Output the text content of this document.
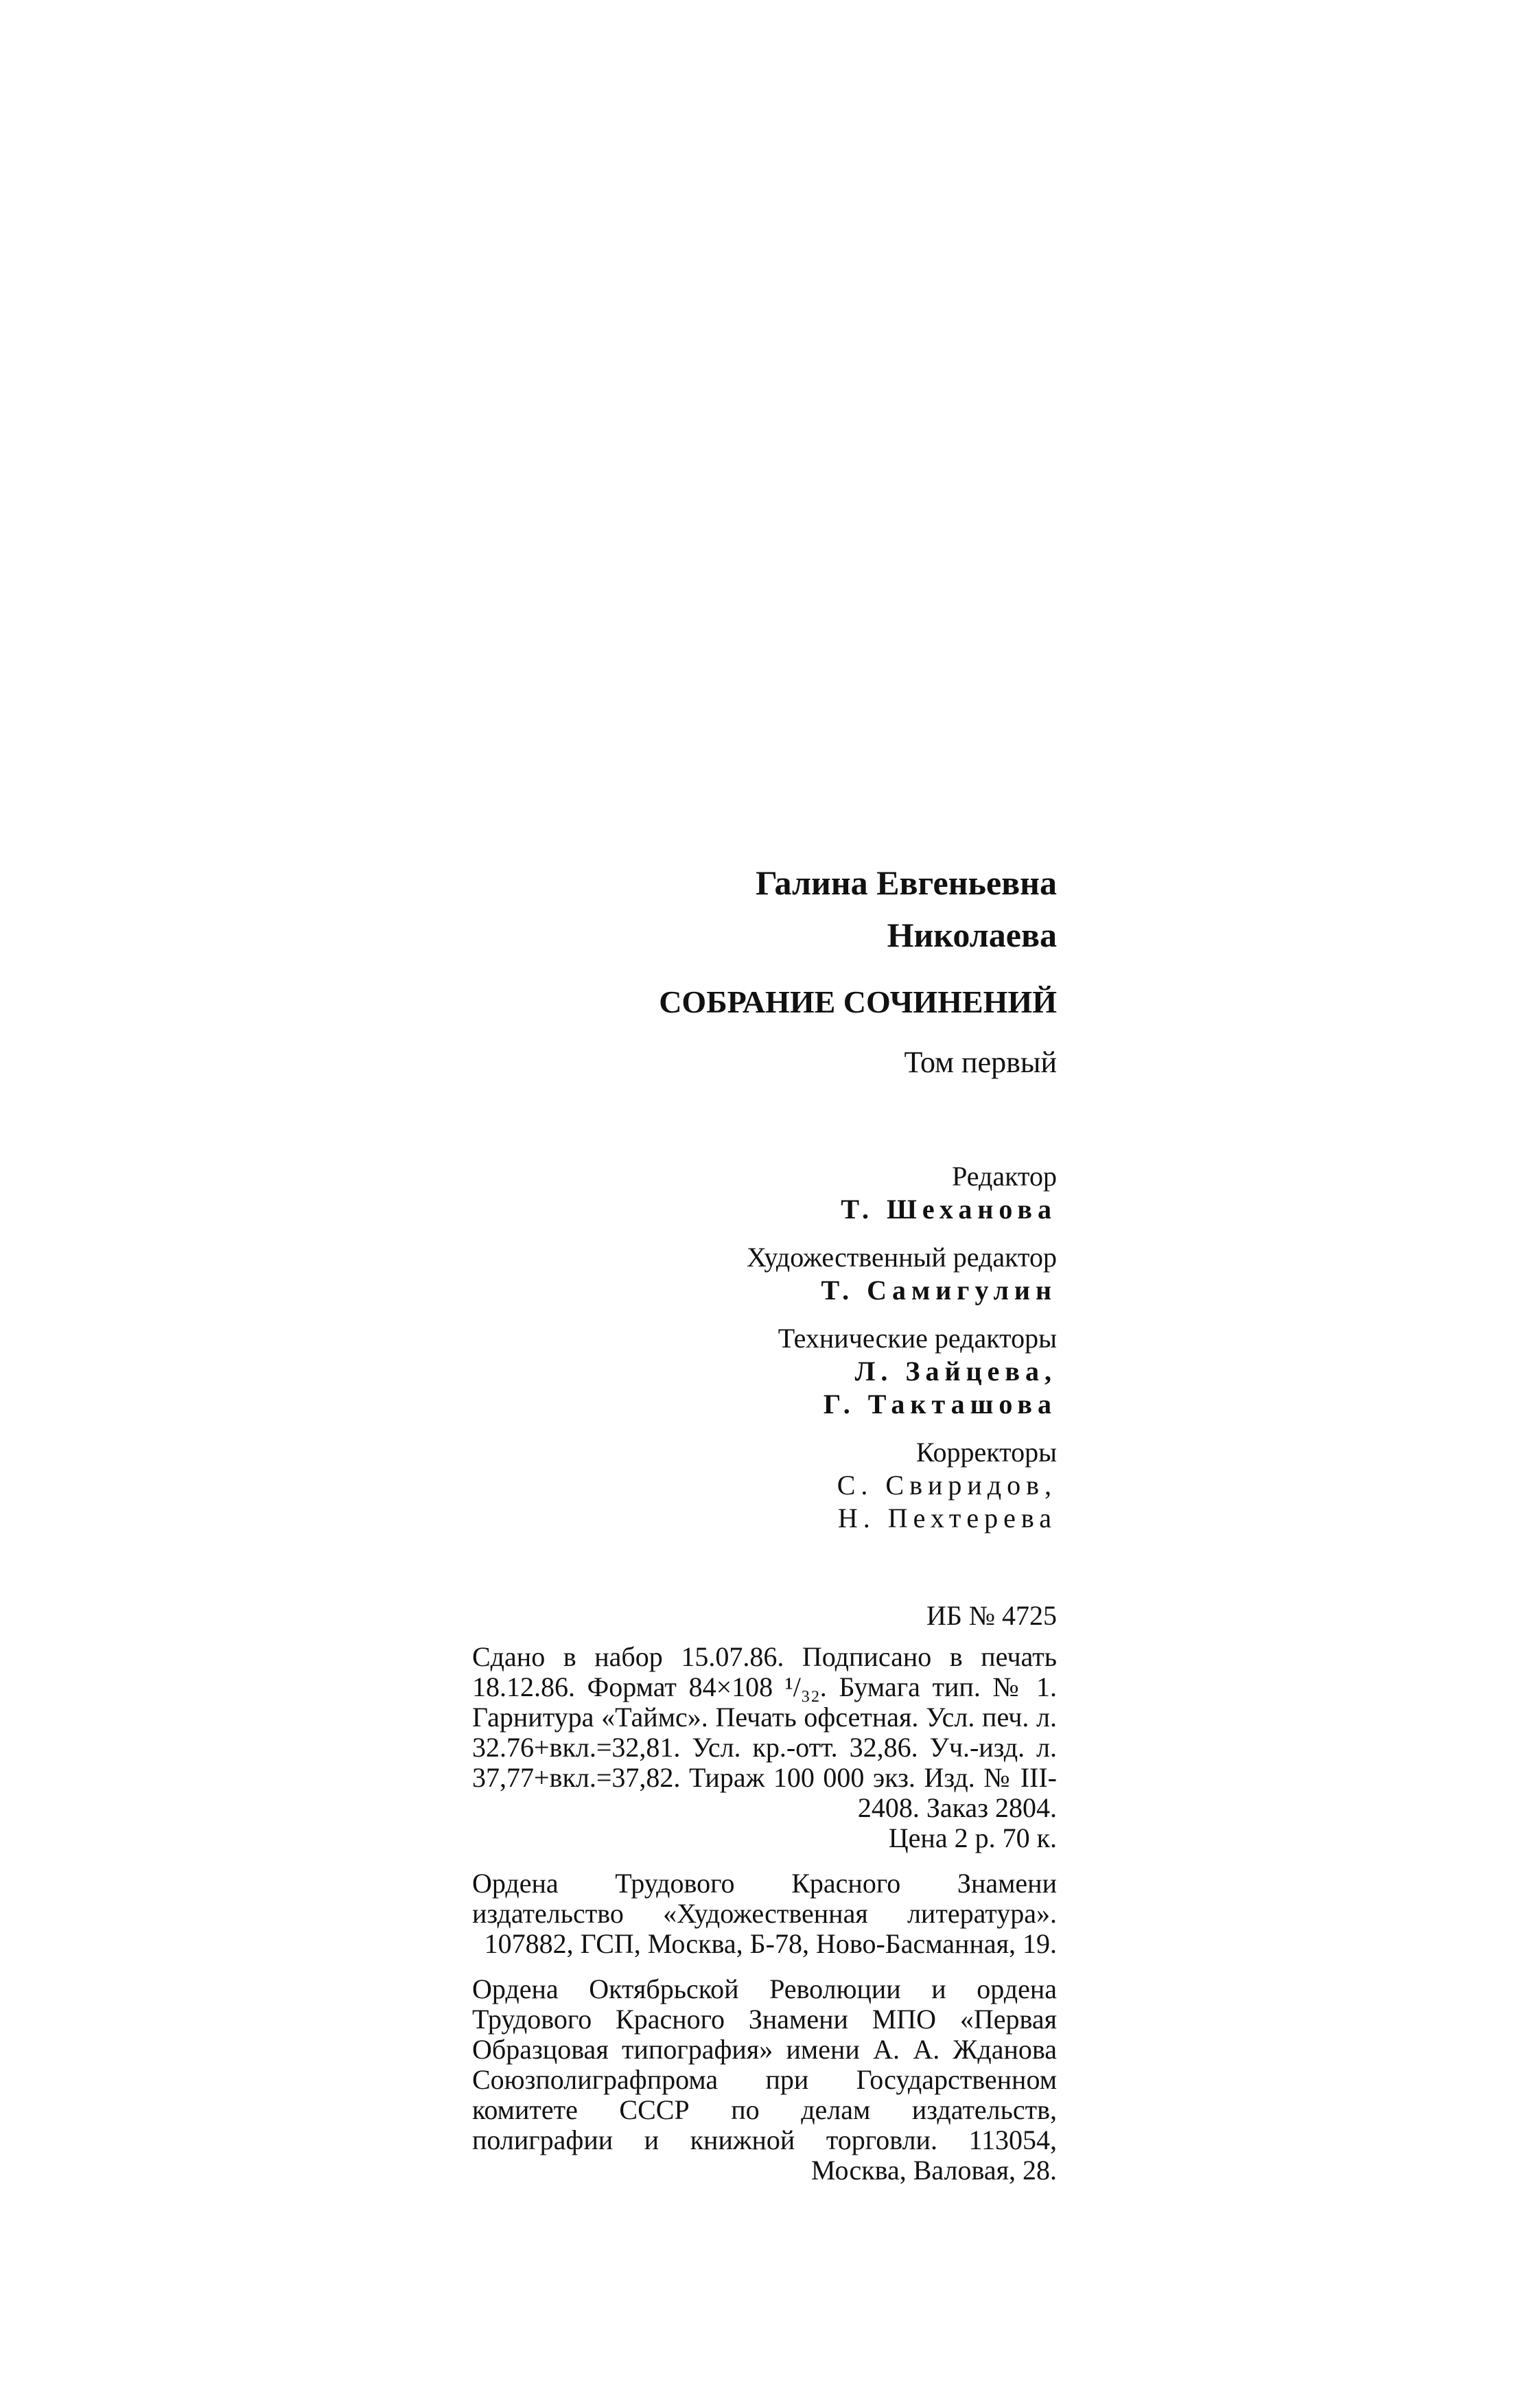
Галина Евгеньевна
Николаева
СОБРАНИЕ СОЧИНЕНИЙ
Том первый
Редактор
Т. Шеханова
Художественный редактор
Т. Самигулин
Технические редакторы
Л. Зайцева,
Г. Такташова
Корректоры
С. Свиридов,
Н. Пехтерева
ИБ № 4725

Сдано в набор 15.07.86. Подписано в печать 18.12.86. Формат 84×108 ¹/₃₂. Бумага тип. № 1. Гарнитура «Таймс». Печать офсетная. Усл. печ. л. 32.76+вкл.=32,81. Усл. кр.-отт. 32,86. Уч.-изд. л. 37,77+вкл.=37,82. Тираж 100 000 экз. Изд. № III-2408. Заказ 2804.
Цена 2 р. 70 к.

Ордена Трудового Красного Знамени издательство «Художественная литература». 107882, ГСП, Москва, Б-78, Ново-Басманная, 19.

Ордена Октябрьской Революции и ордена Трудового Красного Знамени МПО «Первая Образцовая типография» имени А. А. Жданова Союзполиграфпрома при Государственном комитете СССР по делам издательств, полиграфии и книжной торговли. 113054, Москва, Валовая, 28.
